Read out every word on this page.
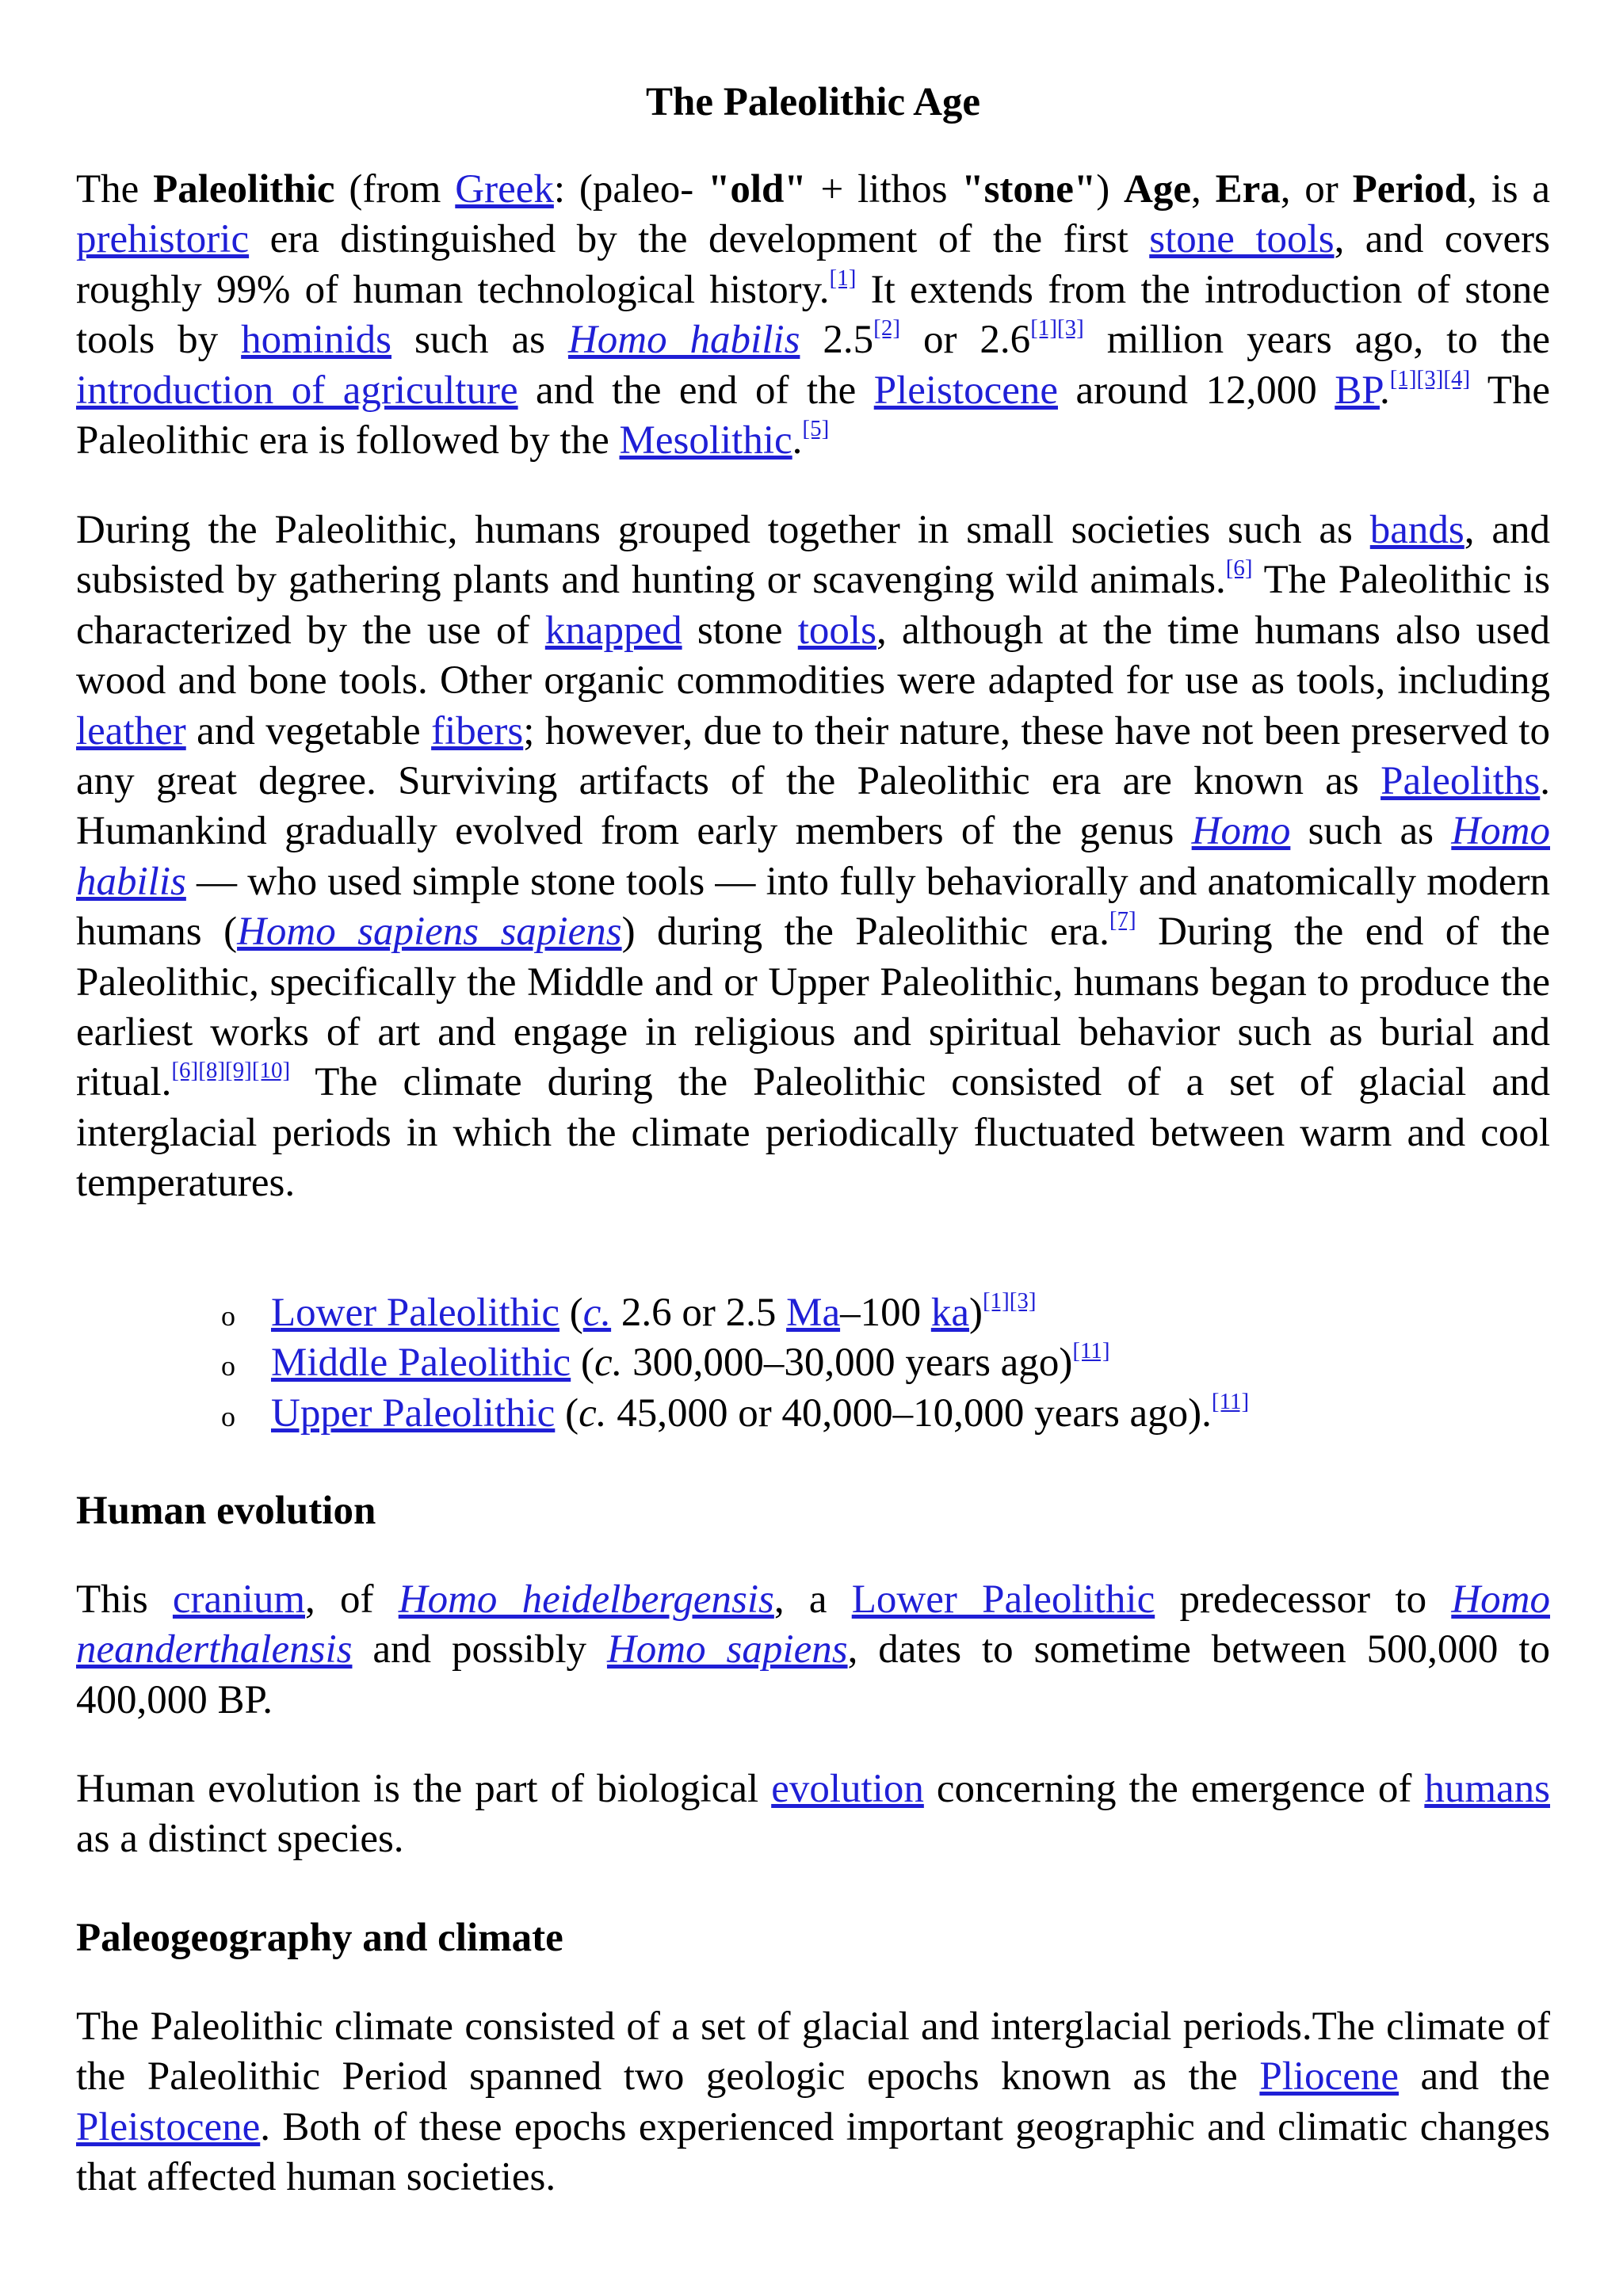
The Paleolithic Age

The Paleolithic (from Greek: (paleo- "old" + lithos "stone") Age, Era, or Period, is a prehistoric era distinguished by the development of the first stone tools, and covers roughly 99% of human technological history.[1] It extends from the introduction of stone tools by hominids such as Homo habilis 2.5[2] or 2.6[1][3] million years ago, to the introduction of agriculture and the end of the Pleistocene around 12,000 BP.[1][3][4] The Paleolithic era is followed by the Mesolithic.[5]

During the Paleolithic, humans grouped together in small societies such as bands, and subsisted by gathering plants and hunting or scavenging wild animals.[6] The Paleolithic is characterized by the use of knapped stone tools, although at the time humans also used wood and bone tools. Other organic commodities were adapted for use as tools, including leather and vegetable fibers; however, due to their nature, these have not been preserved to any great degree. Surviving artifacts of the Paleolithic era are known as Paleoliths. Humankind gradually evolved from early members of the genus Homo such as Homo habilis — who used simple stone tools — into fully behaviorally and anatomically modern humans (Homo sapiens sapiens) during the Paleolithic era.[7] During the end of the Paleolithic, specifically the Middle and or Upper Paleolithic, humans began to produce the earliest works of art and engage in religious and spiritual behavior such as burial and ritual.[6][8][9][10] The climate during the Paleolithic consisted of a set of glacial and interglacial periods in which the climate periodically fluctuated between warm and cool temperatures.

o Lower Paleolithic (c. 2.6 or 2.5 Ma–100 ka)[1][3]
o Middle Paleolithic (c. 300,000–30,000 years ago)[11]
o Upper Paleolithic (c. 45,000 or 40,000–10,000 years ago).[11]
Human evolution

This cranium, of Homo heidelbergensis, a Lower Paleolithic predecessor to Homo neanderthalensis and possibly Homo sapiens, dates to sometime between 500,000 to 400,000 BP.

Human evolution is the part of biological evolution concerning the emergence of humans as a distinct species.

Paleogeography and climate

The Paleolithic climate consisted of a set of glacial and interglacial periods.The climate of the Paleolithic Period spanned two geologic epochs known as the Pliocene and the Pleistocene. Both of these epochs experienced important geographic and climatic changes that affected human societies.
